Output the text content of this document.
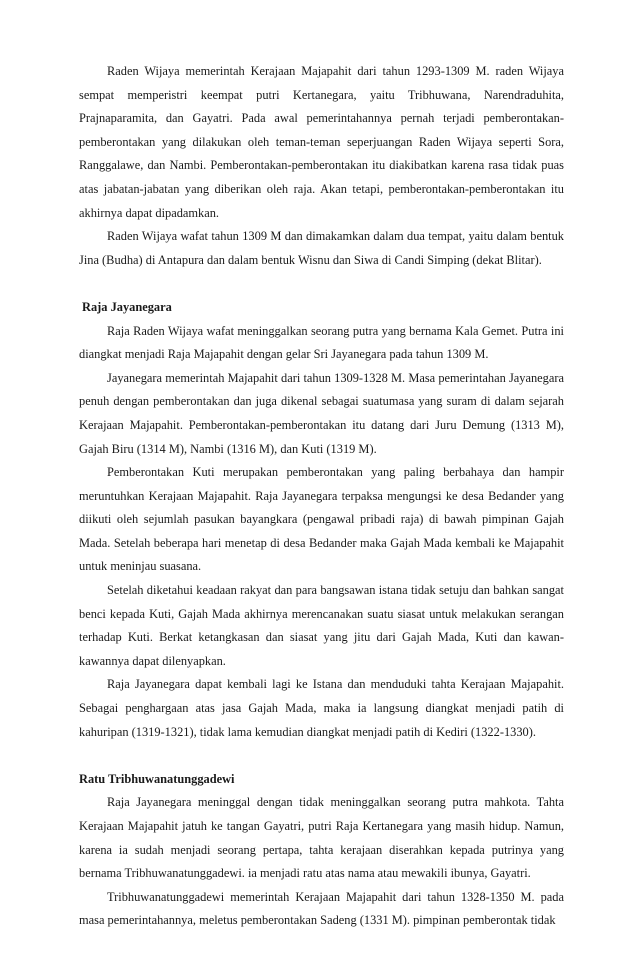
Raden Wijaya memerintah Kerajaan Majapahit dari tahun 1293-1309 M. raden Wijaya sempat memperistri keempat putri Kertanegara, yaitu Tribhuwana, Narendraduhita, Prajnaparamita, dan Gayatri. Pada awal pemerintahannya pernah terjadi pemberontakan-pemberontakan yang dilakukan oleh teman-teman seperjuangan Raden Wijaya seperti Sora, Ranggalawe, dan Nambi. Pemberontakan-pemberontakan itu diakibatkan karena rasa tidak puas atas jabatan-jabatan yang diberikan oleh raja. Akan tetapi, pemberontakan-pemberontakan itu akhirnya dapat dipadamkan.

Raden Wijaya wafat tahun 1309 M dan dimakamkan dalam dua tempat, yaitu dalam bentuk Jina (Budha) di Antapura dan dalam bentuk Wisnu dan Siwa di Candi Simping (dekat Blitar).

Raja Jayanegara

Raja Raden Wijaya wafat meninggalkan seorang putra yang bernama Kala Gemet. Putra ini diangkat menjadi Raja Majapahit dengan gelar Sri Jayanegara pada tahun 1309 M.

Jayanegara memerintah Majapahit dari tahun 1309-1328 M. Masa pemerintahan Jayanegara penuh dengan pemberontakan dan juga dikenal sebagai suatumasa yang suram di dalam sejarah Kerajaan Majapahit. Pemberontakan-pemberontakan itu datang dari Juru Demung (1313 M), Gajah Biru (1314 M), Nambi (1316 M), dan Kuti (1319 M).

Pemberontakan Kuti merupakan pemberontakan yang paling berbahaya dan hampir meruntuhkan Kerajaan Majapahit. Raja Jayanegara terpaksa mengungsi ke desa Bedander yang diikuti oleh sejumlah pasukan bayangkara (pengawal pribadi raja) di bawah pimpinan Gajah Mada. Setelah beberapa hari menetap di desa Bedander maka Gajah Mada kembali ke Majapahit untuk meninjau suasana.

Setelah diketahui keadaan rakyat dan para bangsawan istana tidak setuju dan bahkan sangat benci kepada Kuti, Gajah Mada akhirnya merencanakan suatu siasat untuk melakukan serangan terhadap Kuti. Berkat ketangkasan dan siasat yang jitu dari Gajah Mada, Kuti dan kawan-kawannya dapat dilenyapkan.

Raja Jayanegara dapat kembali lagi ke Istana dan menduduki tahta Kerajaan Majapahit. Sebagai penghargaan atas jasa Gajah Mada, maka ia langsung diangkat menjadi patih di kahuripan (1319-1321), tidak lama kemudian diangkat menjadi patih di Kediri (1322-1330).

Ratu Tribhuwanatunggadewi

Raja Jayanegara meninggal dengan tidak meninggalkan seorang putra mahkota. Tahta Kerajaan Majapahit jatuh ke tangan Gayatri, putri Raja Kertanegara yang masih hidup. Namun, karena ia sudah menjadi seorang pertapa, tahta kerajaan diserahkan kepada putrinya yang bernama Tribhuwanatunggadewi. ia menjadi ratu atas nama atau mewakili ibunya, Gayatri.

Tribhuwanatunggadewi memerintah Kerajaan Majapahit dari tahun 1328-1350 M. pada masa pemerintahannya, meletus pemberontakan Sadeng (1331 M). pimpinan pemberontak tidak
